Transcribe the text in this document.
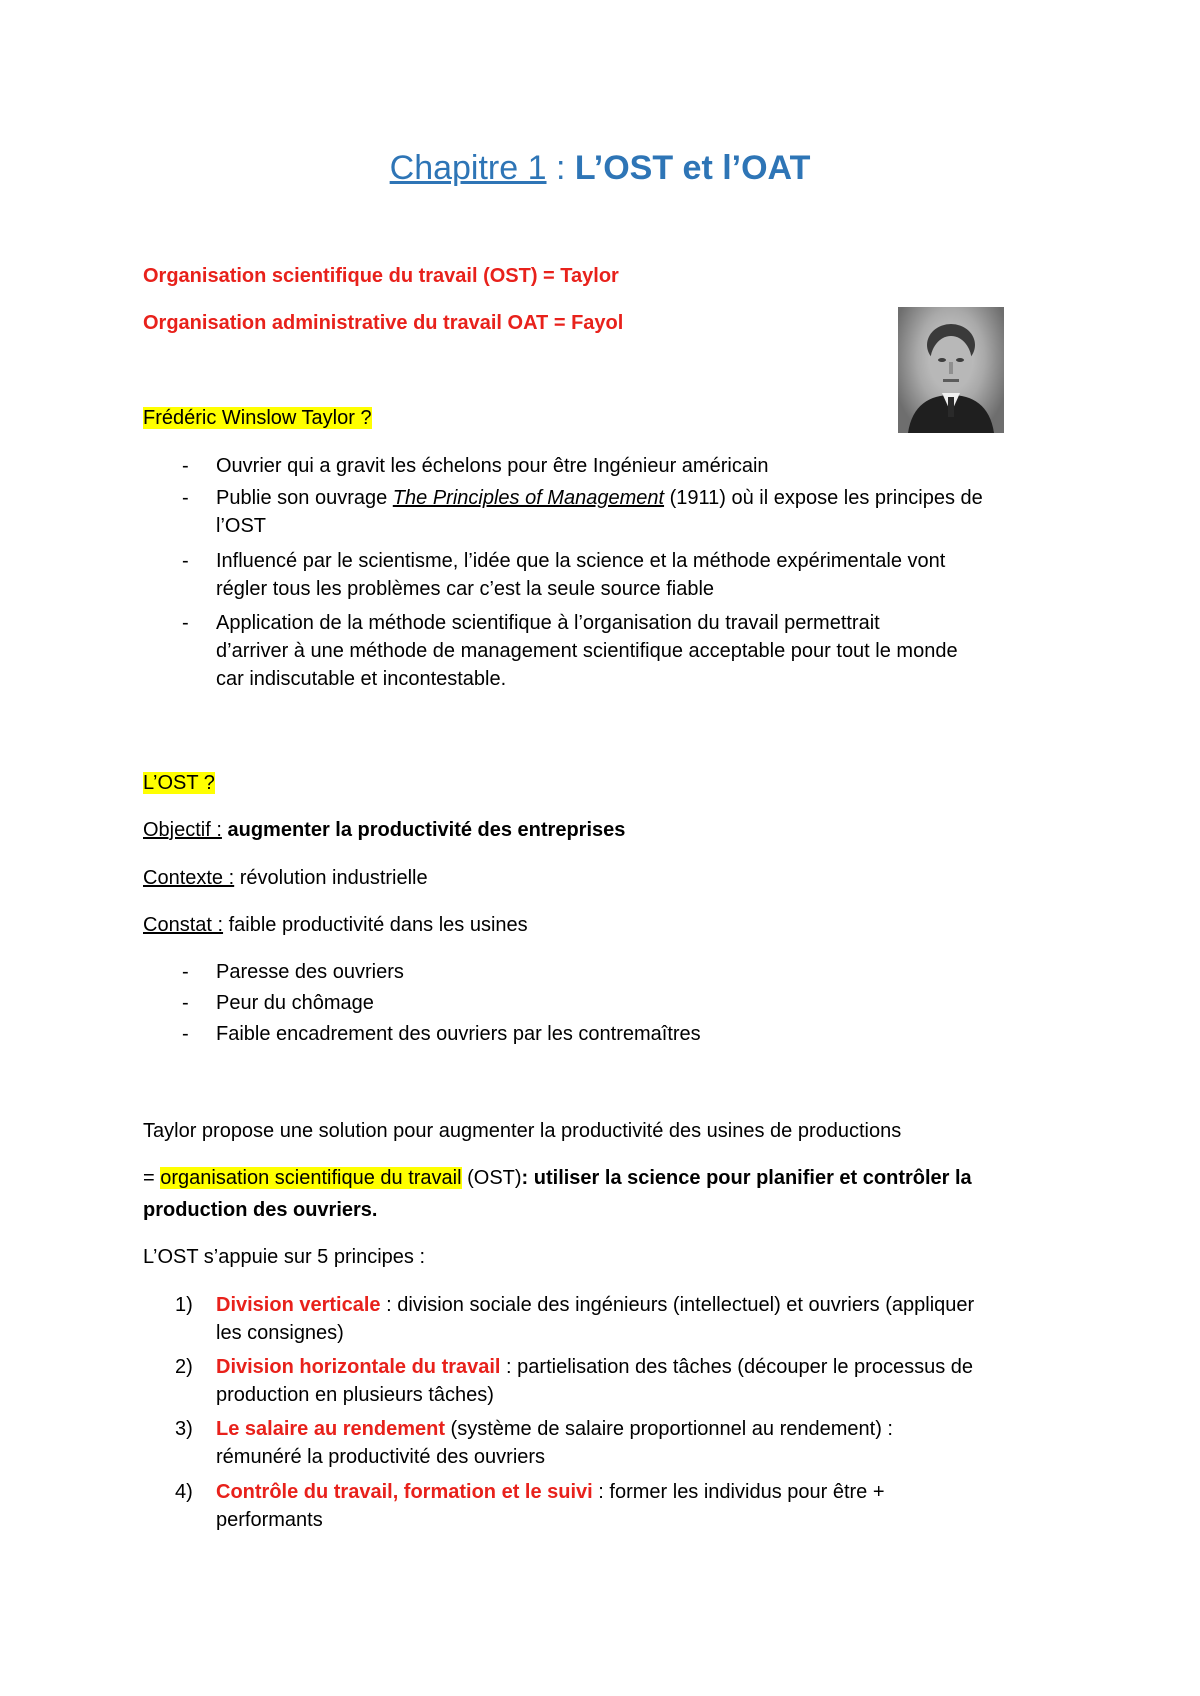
Chapitre 1 : L’OST et l’OAT
Organisation scientifique du travail (OST) = Taylor
Organisation administrative du travail OAT = Fayol
Frédéric Winslow Taylor ?
- Ouvrier qui a gravit les échelons pour être Ingénieur américain
- Publie son ouvrage The Principles of Management (1911) où il expose les principes de
l’OST
- Influencé par le scientisme, l’idée que la science et la méthode expérimentale vont
régler tous les problèmes car c’est la seule source fiable
- Application de la méthode scientifique à l’organisation du travail permettrait
d’arriver à une méthode de management scientifique acceptable pour tout le monde
car indiscutable et incontestable.
L’OST ?
Objectif : augmenter la productivité des entreprises
Contexte : révolution industrielle
Constat : faible productivité dans les usines
- Paresse des ouvriers
- Peur du chômage
- Faible encadrement des ouvriers par les contremaîtres
Taylor propose une solution pour augmenter la productivité des usines de productions
= organisation scientifique du travail (OST): utiliser la science pour planifier et contrôler la
production des ouvriers.
L’OST s’appuie sur 5 principes :
1) Division verticale : division sociale des ingénieurs (intellectuel) et ouvriers (appliquer
les consignes)
2) Division horizontale du travail : partielisation des tâches (découper le processus de
production en plusieurs tâches)
3) Le salaire au rendement (système de salaire proportionnel au rendement) :
rémunéré la productivité des ouvriers
4) Contrôle du travail, formation et le suivi : former les individus pour être +
performants
